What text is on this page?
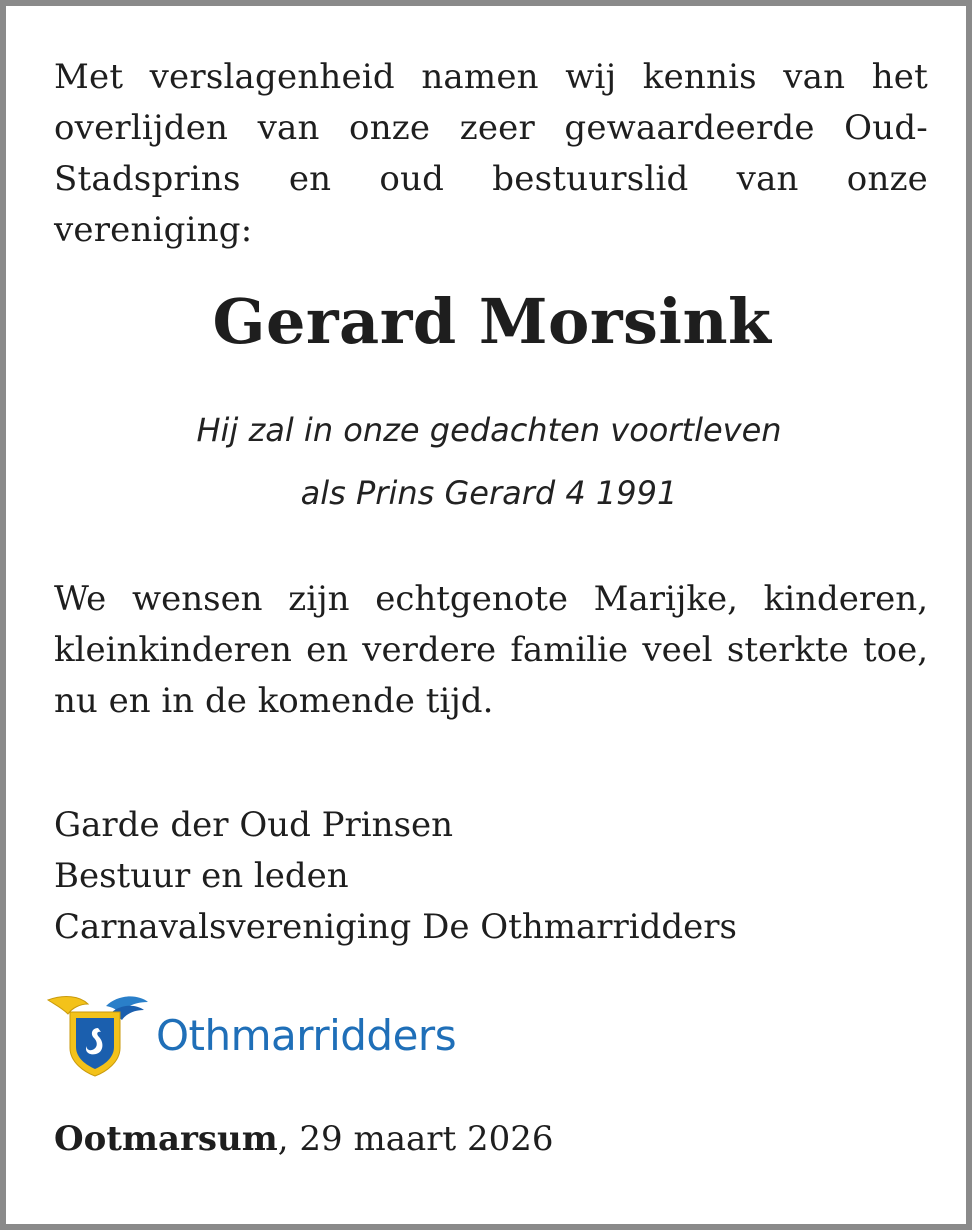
Met verslagenheid namen wij kennis van het overlijden van onze zeer gewaardeerde Oud-Stadsprins en oud bestuurslid van onze vereniging:
Gerard Morsink
Hij zal in onze gedachten voortleven
als Prins Gerard 4 1991
We wensen zijn echtgenote Marijke, kinderen, kleinkinderen en verdere familie veel sterkte toe, nu en in de komende tijd.
Garde der Oud Prinsen
Bestuur en leden
Carnavalsvereniging De Othmarridders
Othmarridders
Ootmarsum, 29 maart 2026
